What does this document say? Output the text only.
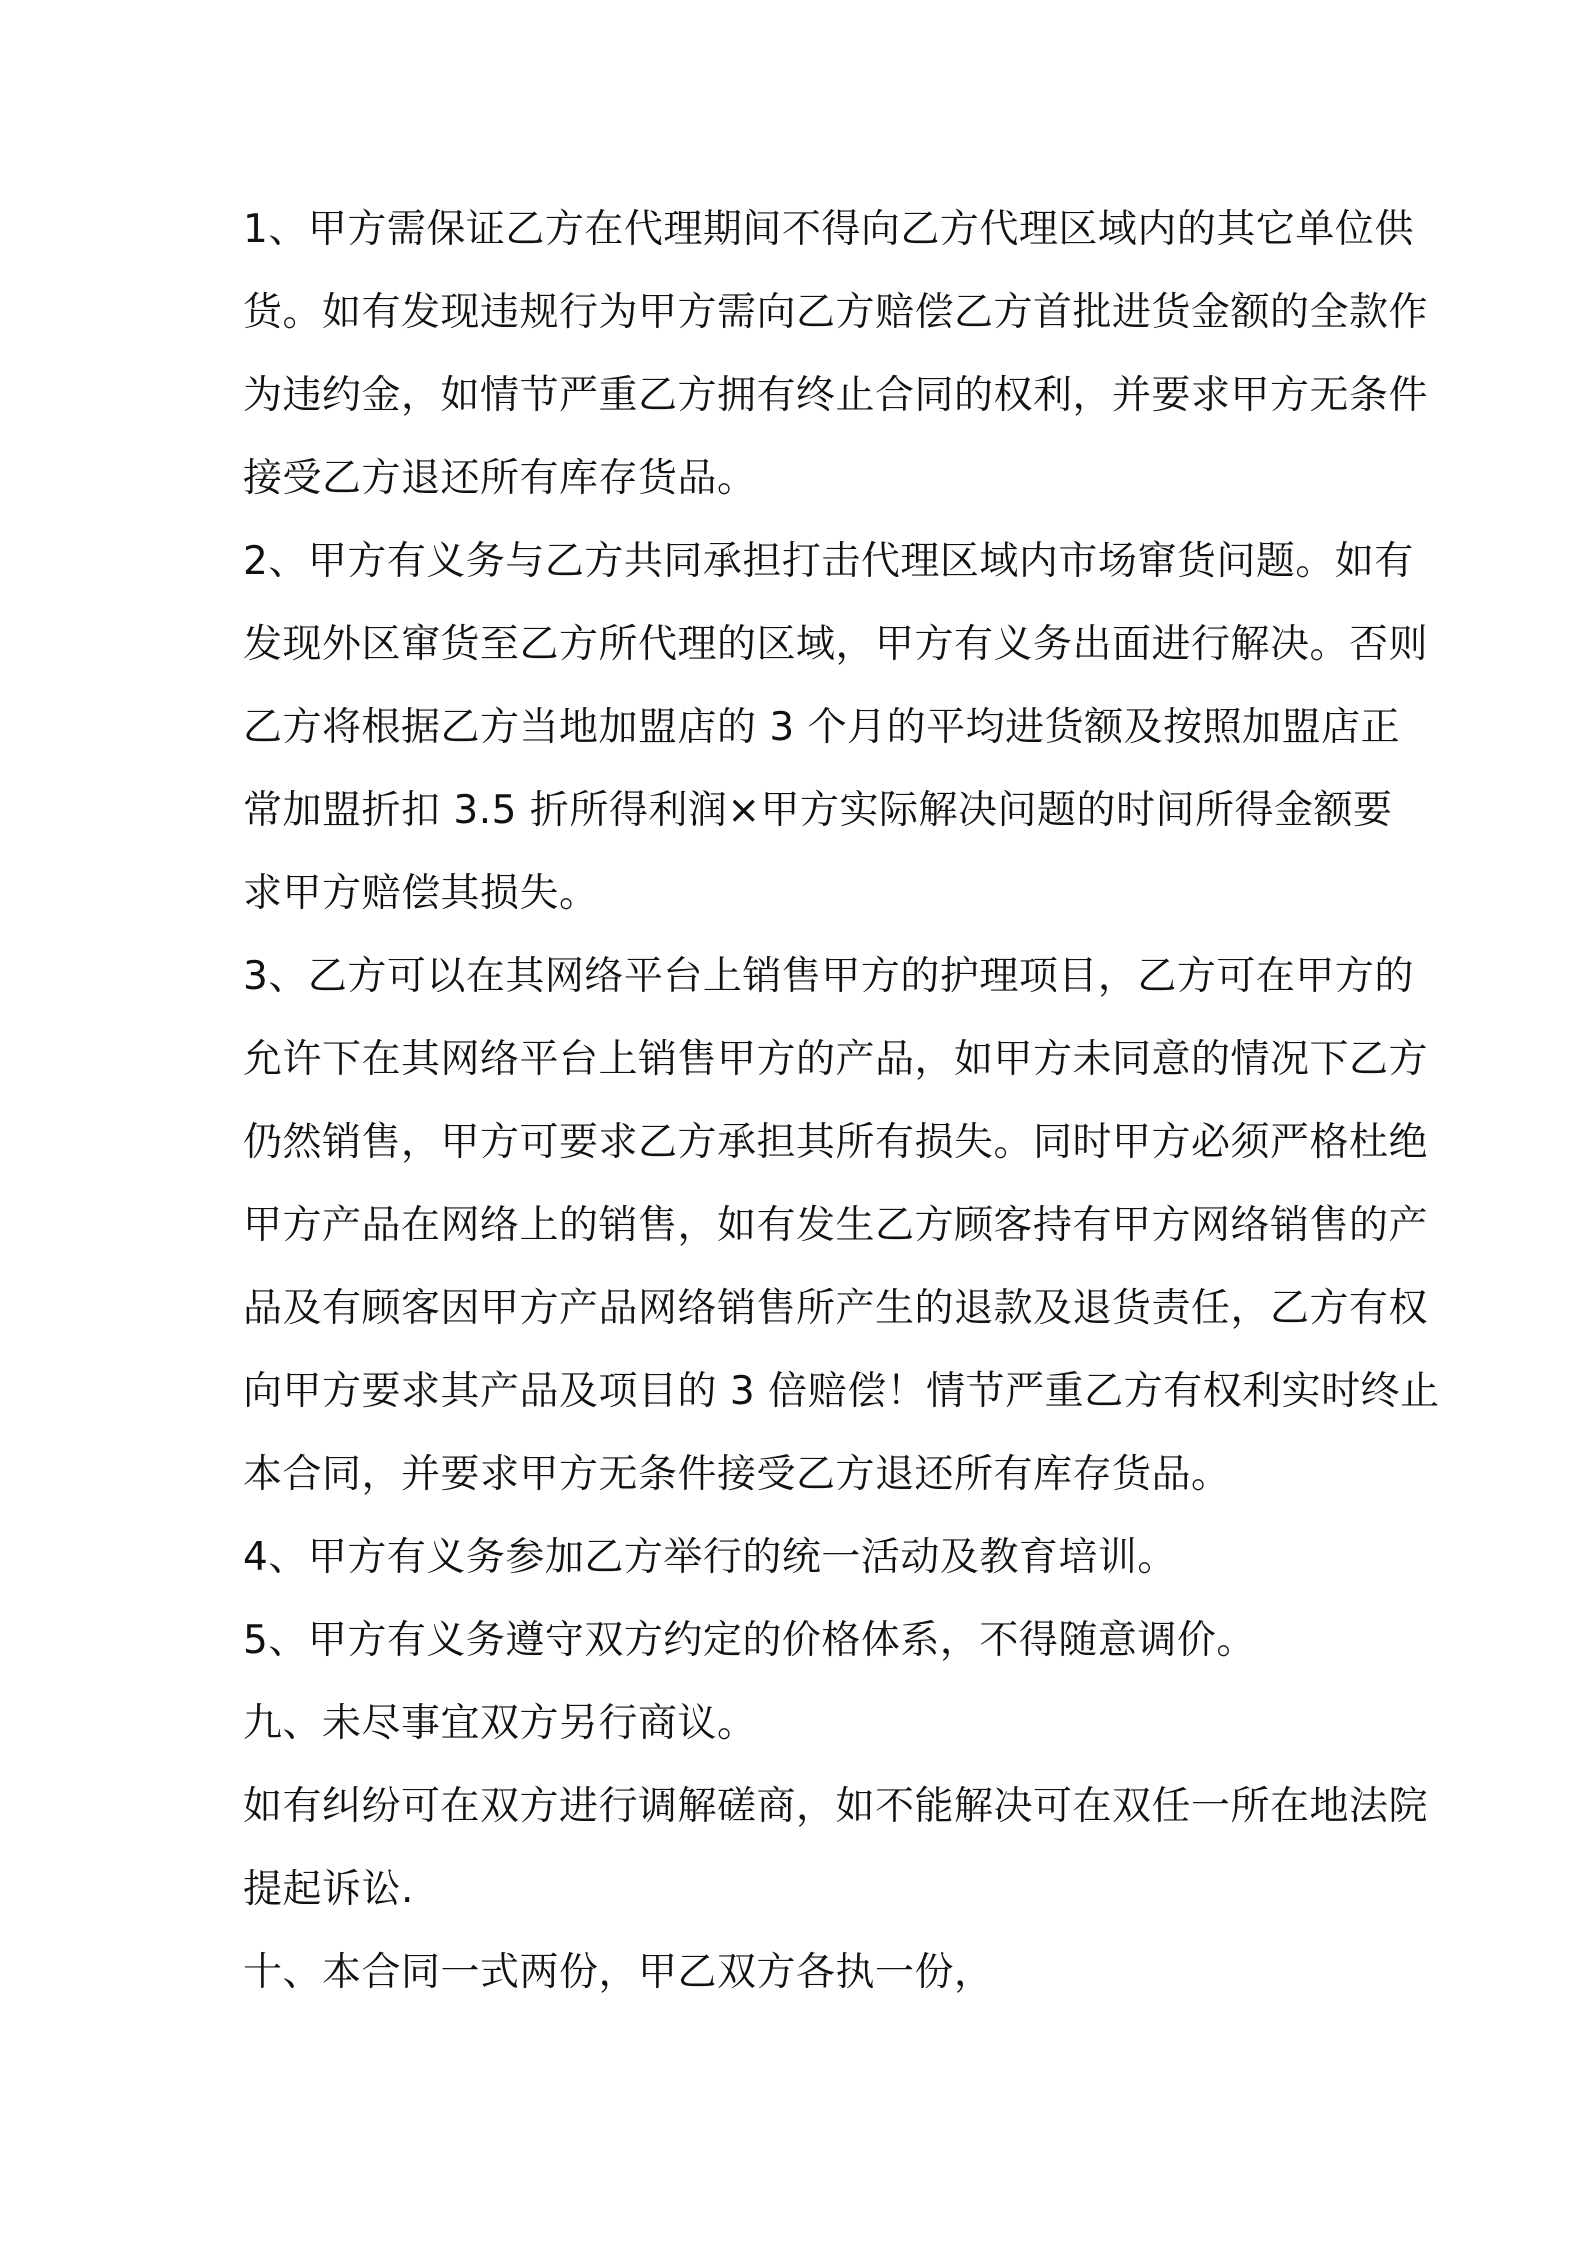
1、甲方需保证乙方在代理期间不得向乙方代理区域内的其它单位供
货。如有发现违规行为甲方需向乙方赔偿乙方首批进货金额的全款作
为违约金，如情节严重乙方拥有终止合同的权利，并要求甲方无条件
接受乙方退还所有库存货品。
2、甲方有义务与乙方共同承担打击代理区域内市场窜货问题。如有
发现外区窜货至乙方所代理的区域，甲方有义务出面进行解决。否则
乙方将根据乙方当地加盟店的 3 个月的平均进货额及按照加盟店正
常加盟折扣 3.5 折所得利润×甲方实际解决问题的时间所得金额要
求甲方赔偿其损失。
3、乙方可以在其网络平台上销售甲方的护理项目，乙方可在甲方的
允许下在其网络平台上销售甲方的产品，如甲方未同意的情况下乙方
仍然销售，甲方可要求乙方承担其所有损失。同时甲方必须严格杜绝
甲方产品在网络上的销售，如有发生乙方顾客持有甲方网络销售的产
品及有顾客因甲方产品网络销售所产生的退款及退货责任，乙方有权
向甲方要求其产品及项目的 3 倍赔偿！情节严重乙方有权利实时终止
本合同，并要求甲方无条件接受乙方退还所有库存货品。
4、甲方有义务参加乙方举行的统一活动及教育培训。
5、甲方有义务遵守双方约定的价格体系，不得随意调价。
九、未尽事宜双方另行商议。
如有纠纷可在双方进行调解磋商，如不能解决可在双任一所在地法院
提起诉讼.
十、本合同一式两份，甲乙双方各执一份，
